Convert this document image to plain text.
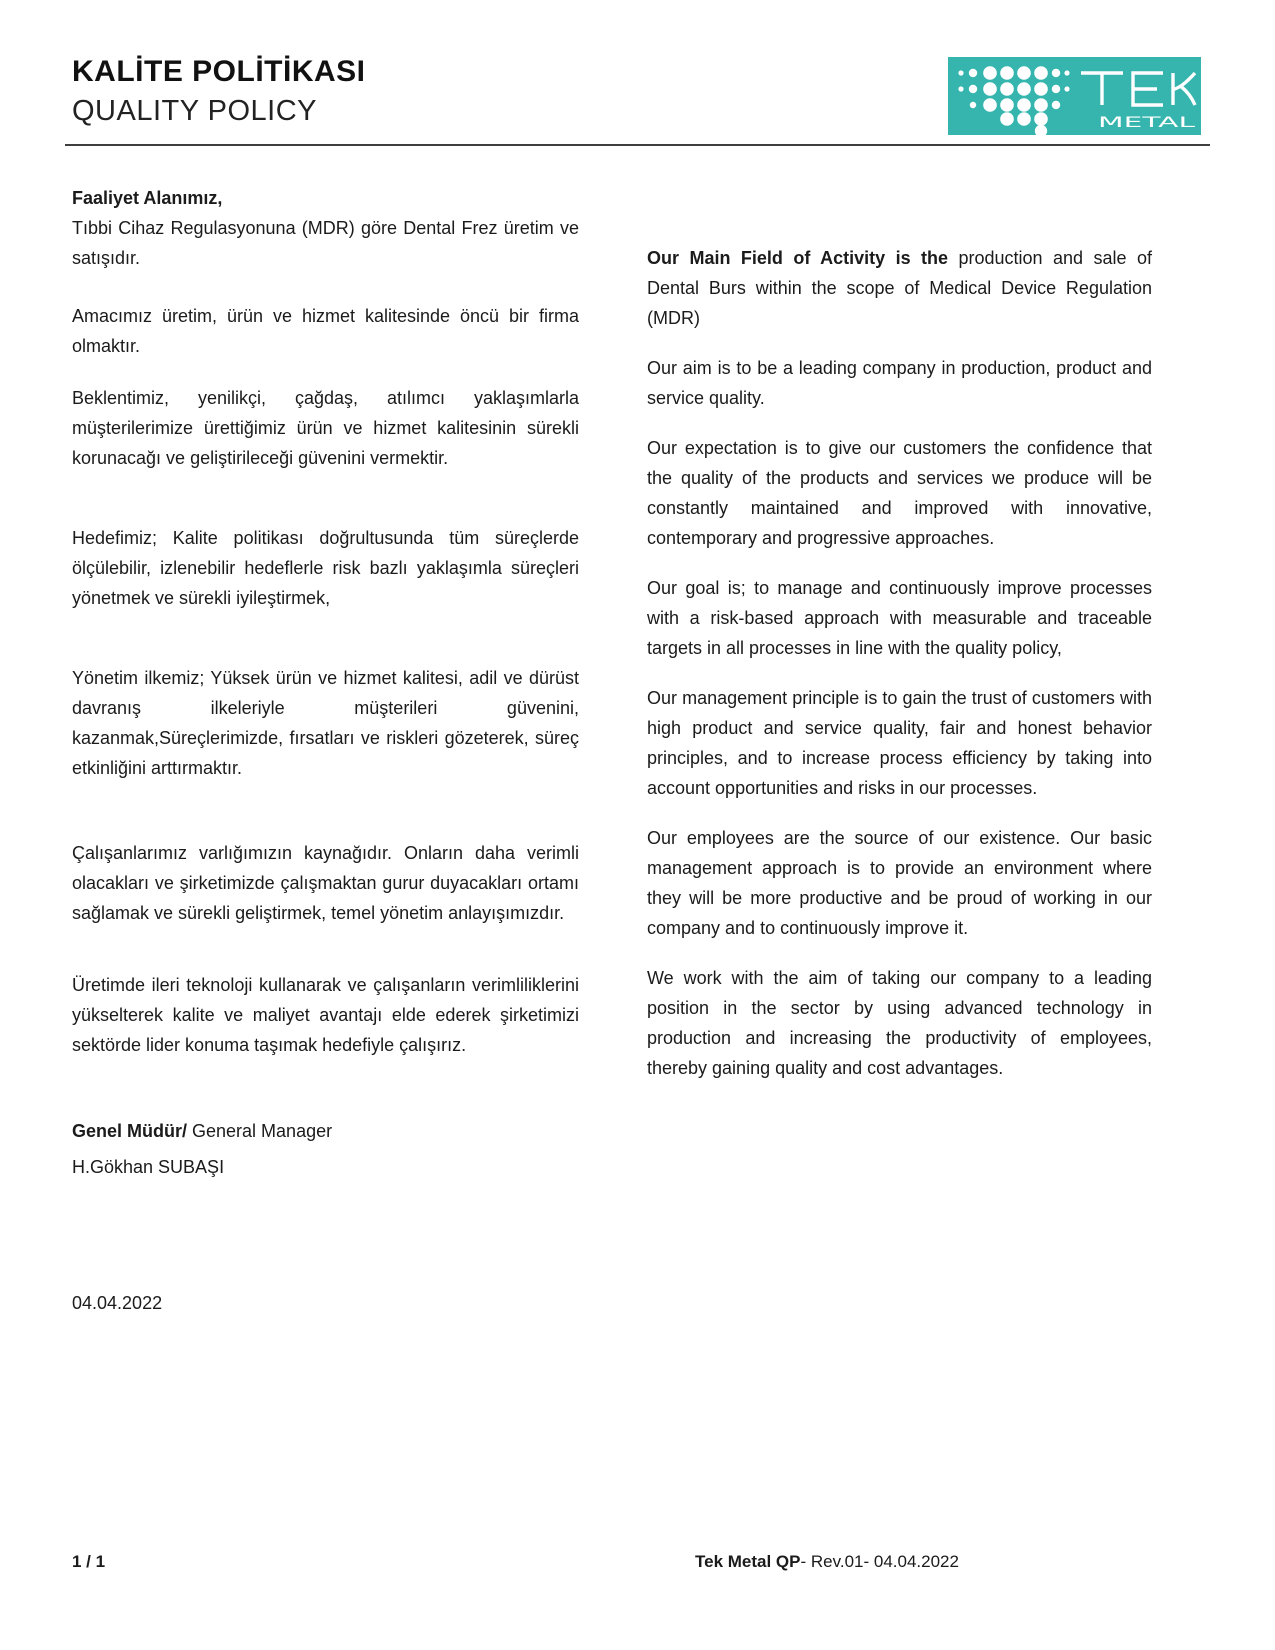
KALİTE POLİTİKASI
QUALITY POLICY	METAL

Faaliyet Alanımız,

Tıbbi Cihaz Regulasyonuna (MDR) göre Dental Frez üretim ve satışıdır.

Amacımız üretim, ürün ve hizmet kalitesinde öncü bir firma olmaktır.

Beklentimiz, yenilikçi, çağdaş, atılımcı yaklaşımlarla müşterilerimize ürettiğimiz ürün ve hizmet kalitesinin sürekli korunacağı ve geliştirileceği güvenini vermektir.

Hedefimiz; Kalite politikası doğrultusunda tüm süreçlerde ölçülebilir, izlenebilir hedeflerle risk bazlı yaklaşımla süreçleri yönetmek ve sürekli iyileştirmek,

Yönetim ilkemiz; Yüksek ürün ve hizmet kalitesi, adil ve dürüst davranış ilkeleriyle müşterileri güvenini, kazanmak,Süreçlerimizde, fırsatları ve riskleri gözeterek, süreç etkinliğini arttırmaktır.

Çalışanlarımız varlığımızın kaynağıdır. Onların daha verimli olacakları ve şirketimizde çalışmaktan gurur duyacakları ortamı sağlamak ve sürekli geliştirmek, temel yönetim anlayışımızdır.

Üretimde ileri teknoloji kullanarak ve çalışanların verimliliklerini yükselterek kalite ve maliyet avantajı elde ederek şirketimizi sektörde lider konuma taşımak hedefiyle çalışırız.

Genel Müdür/ General Manager

H.Gökhan SUBAŞI

04.04.2022

Our Main Field of Activity is the production and sale of Dental Burs within the scope of Medical Device Regulation (MDR)

Our aim is to be a leading company in production, product and service quality.

Our expectation is to give our customers the confidence that the quality of the products and services we produce will be constantly maintained and improved with innovative, contemporary and progressive approaches.

Our goal is; to manage and continuously improve processes with a risk-based approach with measurable and traceable targets in all processes in line with the quality policy,

Our management principle is to gain the trust of customers with high product and service quality, fair and honest behavior principles, and to increase process efficiency by taking into account opportunities and risks in our processes.

Our employees are the source of our existence. Our basic management approach is to provide an environment where they will be more productive and be proud of working in our company and to continuously improve it.

We work with the aim of taking our company to a leading position in the sector by using advanced technology in production and increasing the productivity of employees, thereby gaining quality and cost advantages.

1 / 1	Tek Metal QP- Rev.01- 04.04.2022
